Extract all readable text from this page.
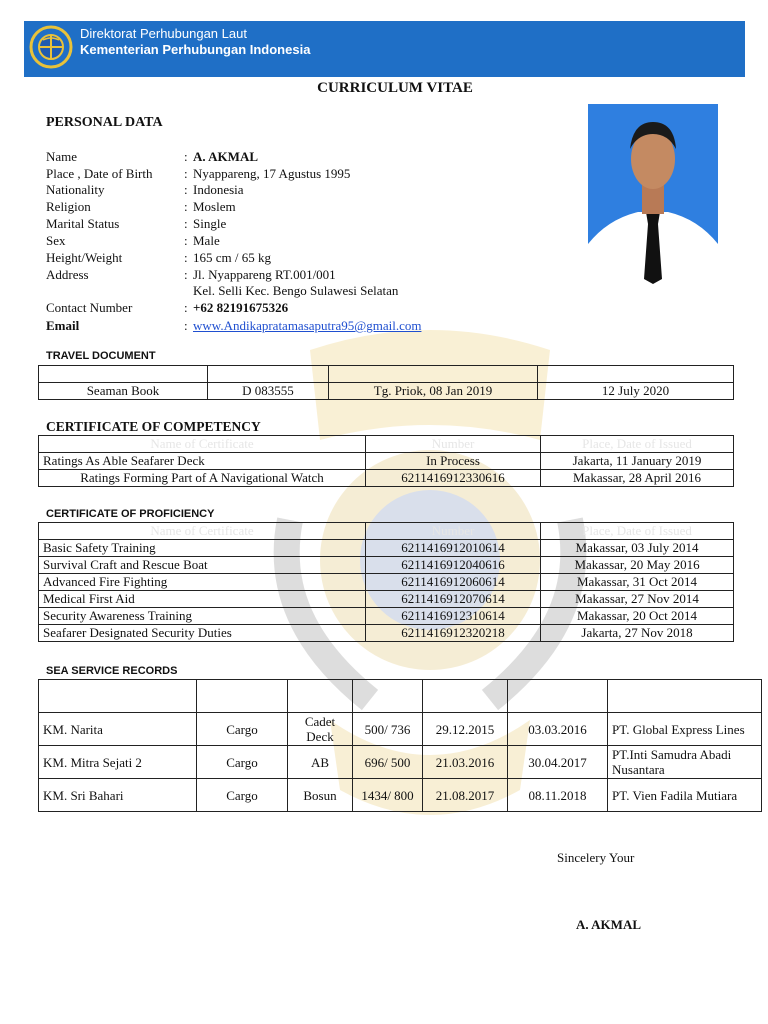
Direktorat Perhubungan Laut
Kementerian Perhubungan Indonesia
CURRICULUM VITAE
PERSONAL DATA
Name	: A. AKMAL
Place , Date of Birth : Nyappareng, 17 Agustus 1995
Nationality	: Indonesia
Religion	: Moslem
Marital Status	: Single
Sex	: Male
Height/Weight	: 165 cm / 65 kg
Address	: Jl. Nyappareng RT.001/001
Kel. Selli Kec. Bengo Sulawesi Selatan
Contact Number	: +62 82191675326
Email	: www.Andikapratamasaputra95@gmail.com
TRAVEL DOCUMENT

Seaman Book	D 083555	Tg. Priok, 08 Jan 2019	12 July 2020
CERTIFICATE OF COMPETENCY
Name of Certificate	Number	Place, Date of Issued
Ratings As Able Seafarer Deck	In Process	Jakarta, 11 January 2019
Ratings Forming Part of A Navigational Watch	6211416912330616	Makassar, 28 April 2016
CERTIFICATE OF PROFICIENCY
Name of Certificate	Number	Place, Date of Issued
Basic Safety Training	6211416912010614	Makassar, 03 July 2014
Survival Craft and Rescue Boat	6211416912040616	Makassar, 20 May 2016
Advanced Fire Fighting	6211416912060614	Makassar, 31 Oct 2014
Medical First Aid	6211416912070614	Makassar, 27 Nov 2014
Security Awareness Training	6211416912310614	Makassar, 20 Oct 2014
Seafarer Designated Security Duties	6211416912320218	Jakarta, 27 Nov 2018
SEA SERVICE RECORDS

KM. Narita	Cargo	Cadet Deck	500/ 736	29.12.2015	03.03.2016	PT. Global Express Lines
KM. Mitra Sejati 2	Cargo	AB	696/ 500	21.03.2016	30.04.2017	PT.Inti Samudra Abadi Nusantara
KM. Sri Bahari	Cargo	Bosun	1434/ 800	21.08.2017	08.11.2018	PT. Vien Fadila Mutiara
Sincelery Your
A. AKMAL
